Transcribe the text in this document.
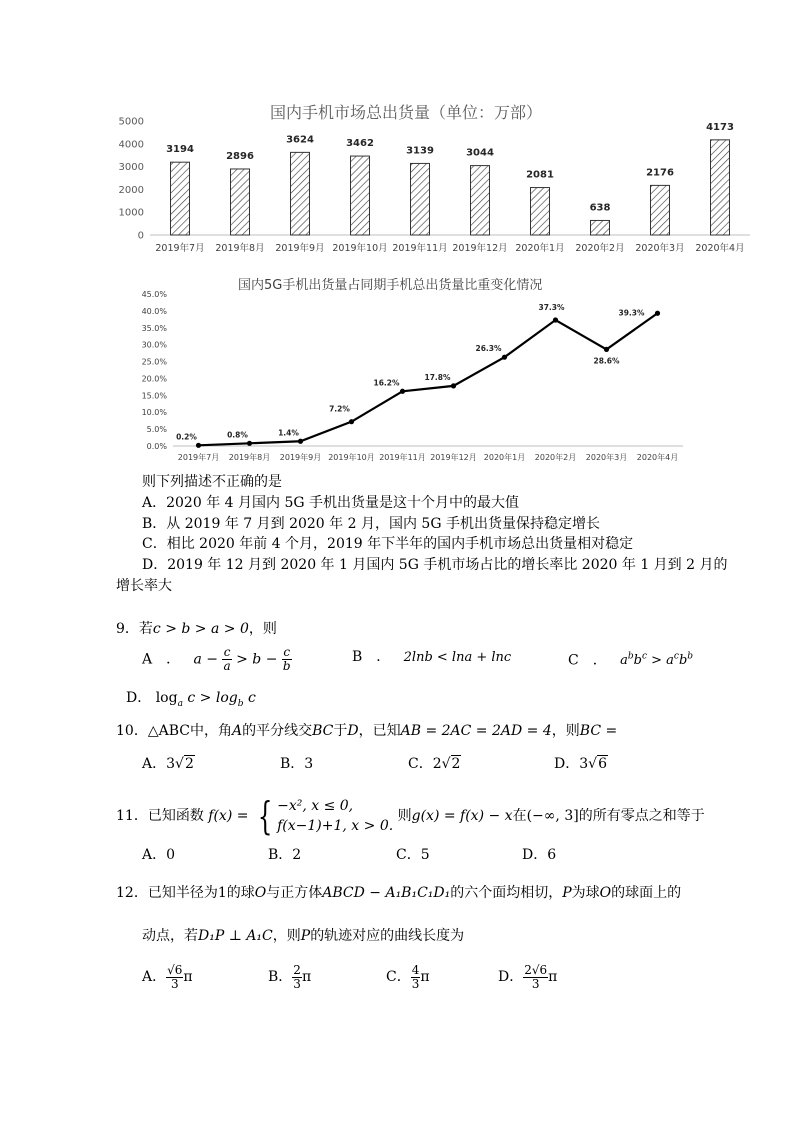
国内手机市场总出货量（单位：万部）
0
1000
2000
3000
4000
5000
3194
2019年7月
2896
2019年8月
3624
2019年9月
3462
2019年10月
3139
2019年11月
3044
2019年12月
2081
2020年1月
638
2020年2月
2176
2020年3月
4173
2020年4月
国内5G手机出货量占同期手机总出货量比重变化情况
0.0%
5.0%
10.0%
15.0%
20.0%
25.0%
30.0%
35.0%
40.0%
45.0%
0.2%
2019年7月
0.8%
2019年8月
1.4%
2019年9月
7.2%
2019年10月
16.2%
2019年11月
17.8%
2019年12月
26.3%
2020年1月
37.3%
2020年2月
28.6%
2020年3月
39.3%
2020年4月
则下列描述不正确的是
A．2020 年 4 月国内 5G 手机出货量是这十个月中的最大值
B．从 2019 年 7 月到 2020 年 2 月，国内 5G 手机出货量保持稳定增长
C．相比 2020 年前 4 个月，2019 年下半年的国内手机市场总出货量相对稳定
D．2019 年 12 月到 2020 年 1 月国内 5G 手机市场占比的增长率比 2020 年 1 月到 2 月的
增长率大
9．若c > b > a > 0，则
A　． $a - \frac{c}{a} > b - \frac{c}{b}$	B　． 2lnb < lna + lnc	C　． $a^bb^c > a^cb^b$
D． $\log_a c > \log_b c$
10．△ABC中，角A的平分线交BC于D，已知AB = 2AC = 2AD = 4，则BC =
A．3√2	B．3	C．2√2	D．3√6
11．已知函数 f(x) = { −x², x ≤ 0,
f(x−1)+1, x > 0.
则g(x) = f(x) − x在(−∞, 3]的所有零点之和等于
A．0	B．2	C．5	D．6
12．已知半径为1的球O与正方体ABCD − A₁B₁C₁D₁的六个面均相切，P为球O的球面上的
动点，若D₁P ⊥ A₁C，则P的轨迹对应的曲线长度为
A． $\frac{√6}{3}$ π	B． $\frac{2}{3}$ π	C． $\frac{4}{3}$ π	D． $\frac{2√6}{3}$ π
